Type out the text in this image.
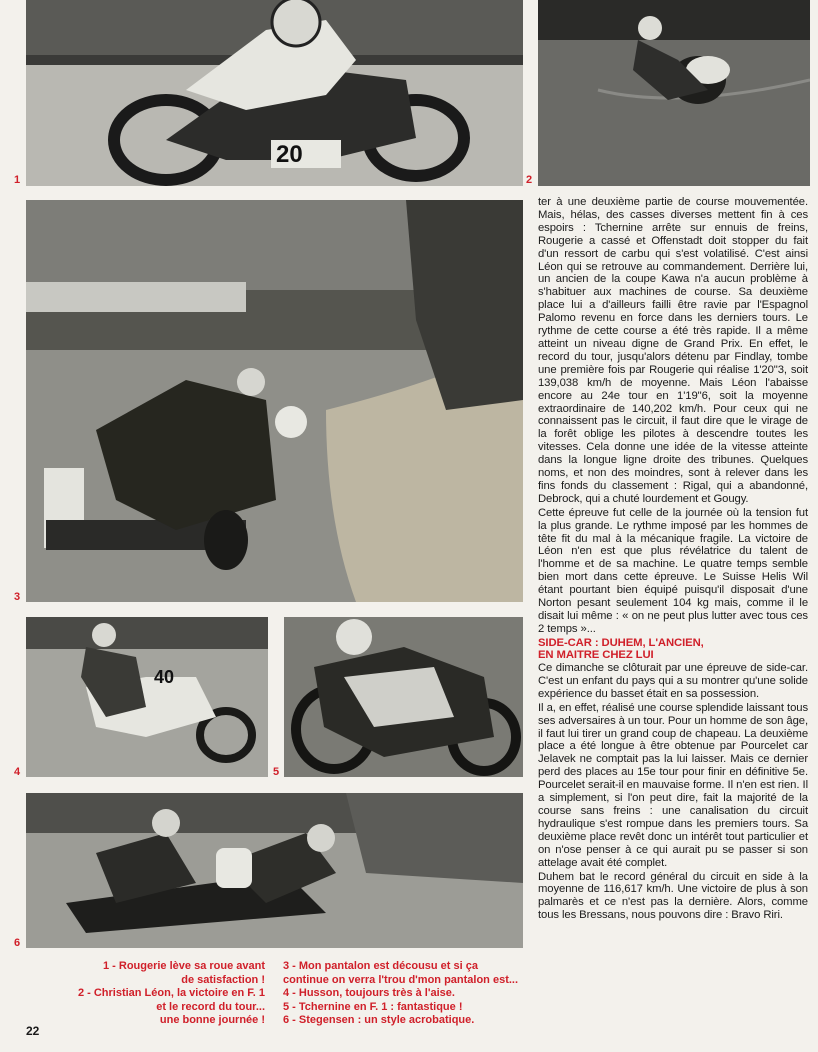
20
1	2
3
40
4	5
6

ter à une deuxième partie de course mouvementée. Mais, hélas, des casses diverses mettent fin à ces espoirs : Tchernine arrête sur ennuis de freins, Rougerie a cassé et Offenstadt doit stopper du fait d'un ressort de carbu qui s'est volatilisé. C'est ainsi Léon qui se retrouve au commandement. Derrière lui, un ancien de la coupe Kawa n'a aucun problème à s'habituer aux machines de course. Sa deuxième place lui a d'ailleurs failli être ravie par l'Espagnol Palomo revenu en force dans les derniers tours. Le rythme de cette course a été très rapide. Il a même atteint un niveau digne de Grand Prix. En effet, le record du tour, jusqu'alors détenu par Findlay, tombe une première fois par Rougerie qui réalise 1'20"3, soit 139,038 km/h de moyenne. Mais Léon l'abaisse encore au 24e tour en 1'19"6, soit la moyenne extraordinaire de 140,202 km/h. Pour ceux qui ne connaissent pas le circuit, il faut dire que le virage de la forêt oblige les pilotes à descendre toutes les vitesses. Cela donne une idée de la vitesse atteinte dans la longue ligne droite des tribunes. Quelques noms, et non des moindres, sont à relever dans les fins fonds du classement : Rigal, qui a abandonné, Debrock, qui a chuté lourdement et Gougy.

Cette épreuve fut celle de la journée où la tension fut la plus grande. Le rythme imposé par les hommes de tête fit du mal à la mécanique fragile. La victoire de Léon n'en est que plus révélatrice du talent de l'homme et de sa machine. Le quatre temps semble bien mort dans cette épreuve. Le Suisse Helis Wil étant pourtant bien équipé puisqu'il disposait d'une Norton pesant seulement 104 kg mais, comme il le disait lui même : « on ne peut plus lutter avec tous ces 2 temps »...

SIDE-CAR : DUHEM, L'ANCIEN,

EN MAITRE CHEZ LUI

Ce dimanche se clôturait par une épreuve de side-car. C'est un enfant du pays qui a su montrer qu'une solide expérience du basset était en sa possession.

Il a, en effet, réalisé une course splendide laissant tous ses adversaires à un tour. Pour un homme de son âge, il faut lui tirer un grand coup de chapeau. La deuxième place a été longue à être obtenue par Pourcelet car Jelavek ne comptait pas la lui laisser. Mais ce dernier perd des places au 15e tour pour finir en définitive 5e. Pourcelet serait-il en mauvaise forme. Il n'en est rien. Il a simplement, si l'on peut dire, fait la majorité de la course sans freins : une canalisation du circuit hydraulique s'est rompue dans les premiers tours. Sa deuxième place revêt donc un intérêt tout particulier et on n'ose penser à ce qui aurait pu se passer si son attelage avait été complet.

Duhem bat le record général du circuit en side à la moyenne de 116,617 km/h. Une victoire de plus à son palmarès et ce n'est pas la dernière. Alors, comme tous les Bressans, nous pouvons dire : Bravo Riri.

1 - Rougerie lève sa roue avant
de satisfaction !
2 - Christian Léon, la victoire en F. 1
et le record du tour...
une bonne journée !
3 - Mon pantalon est décousu et si ça
continue on verra l'trou d'mon pantalon est...
4 - Husson, toujours très à l'aise.
5 - Tchernine en F. 1 : fantastique !
6 - Stegensen : un style acrobatique.
22
